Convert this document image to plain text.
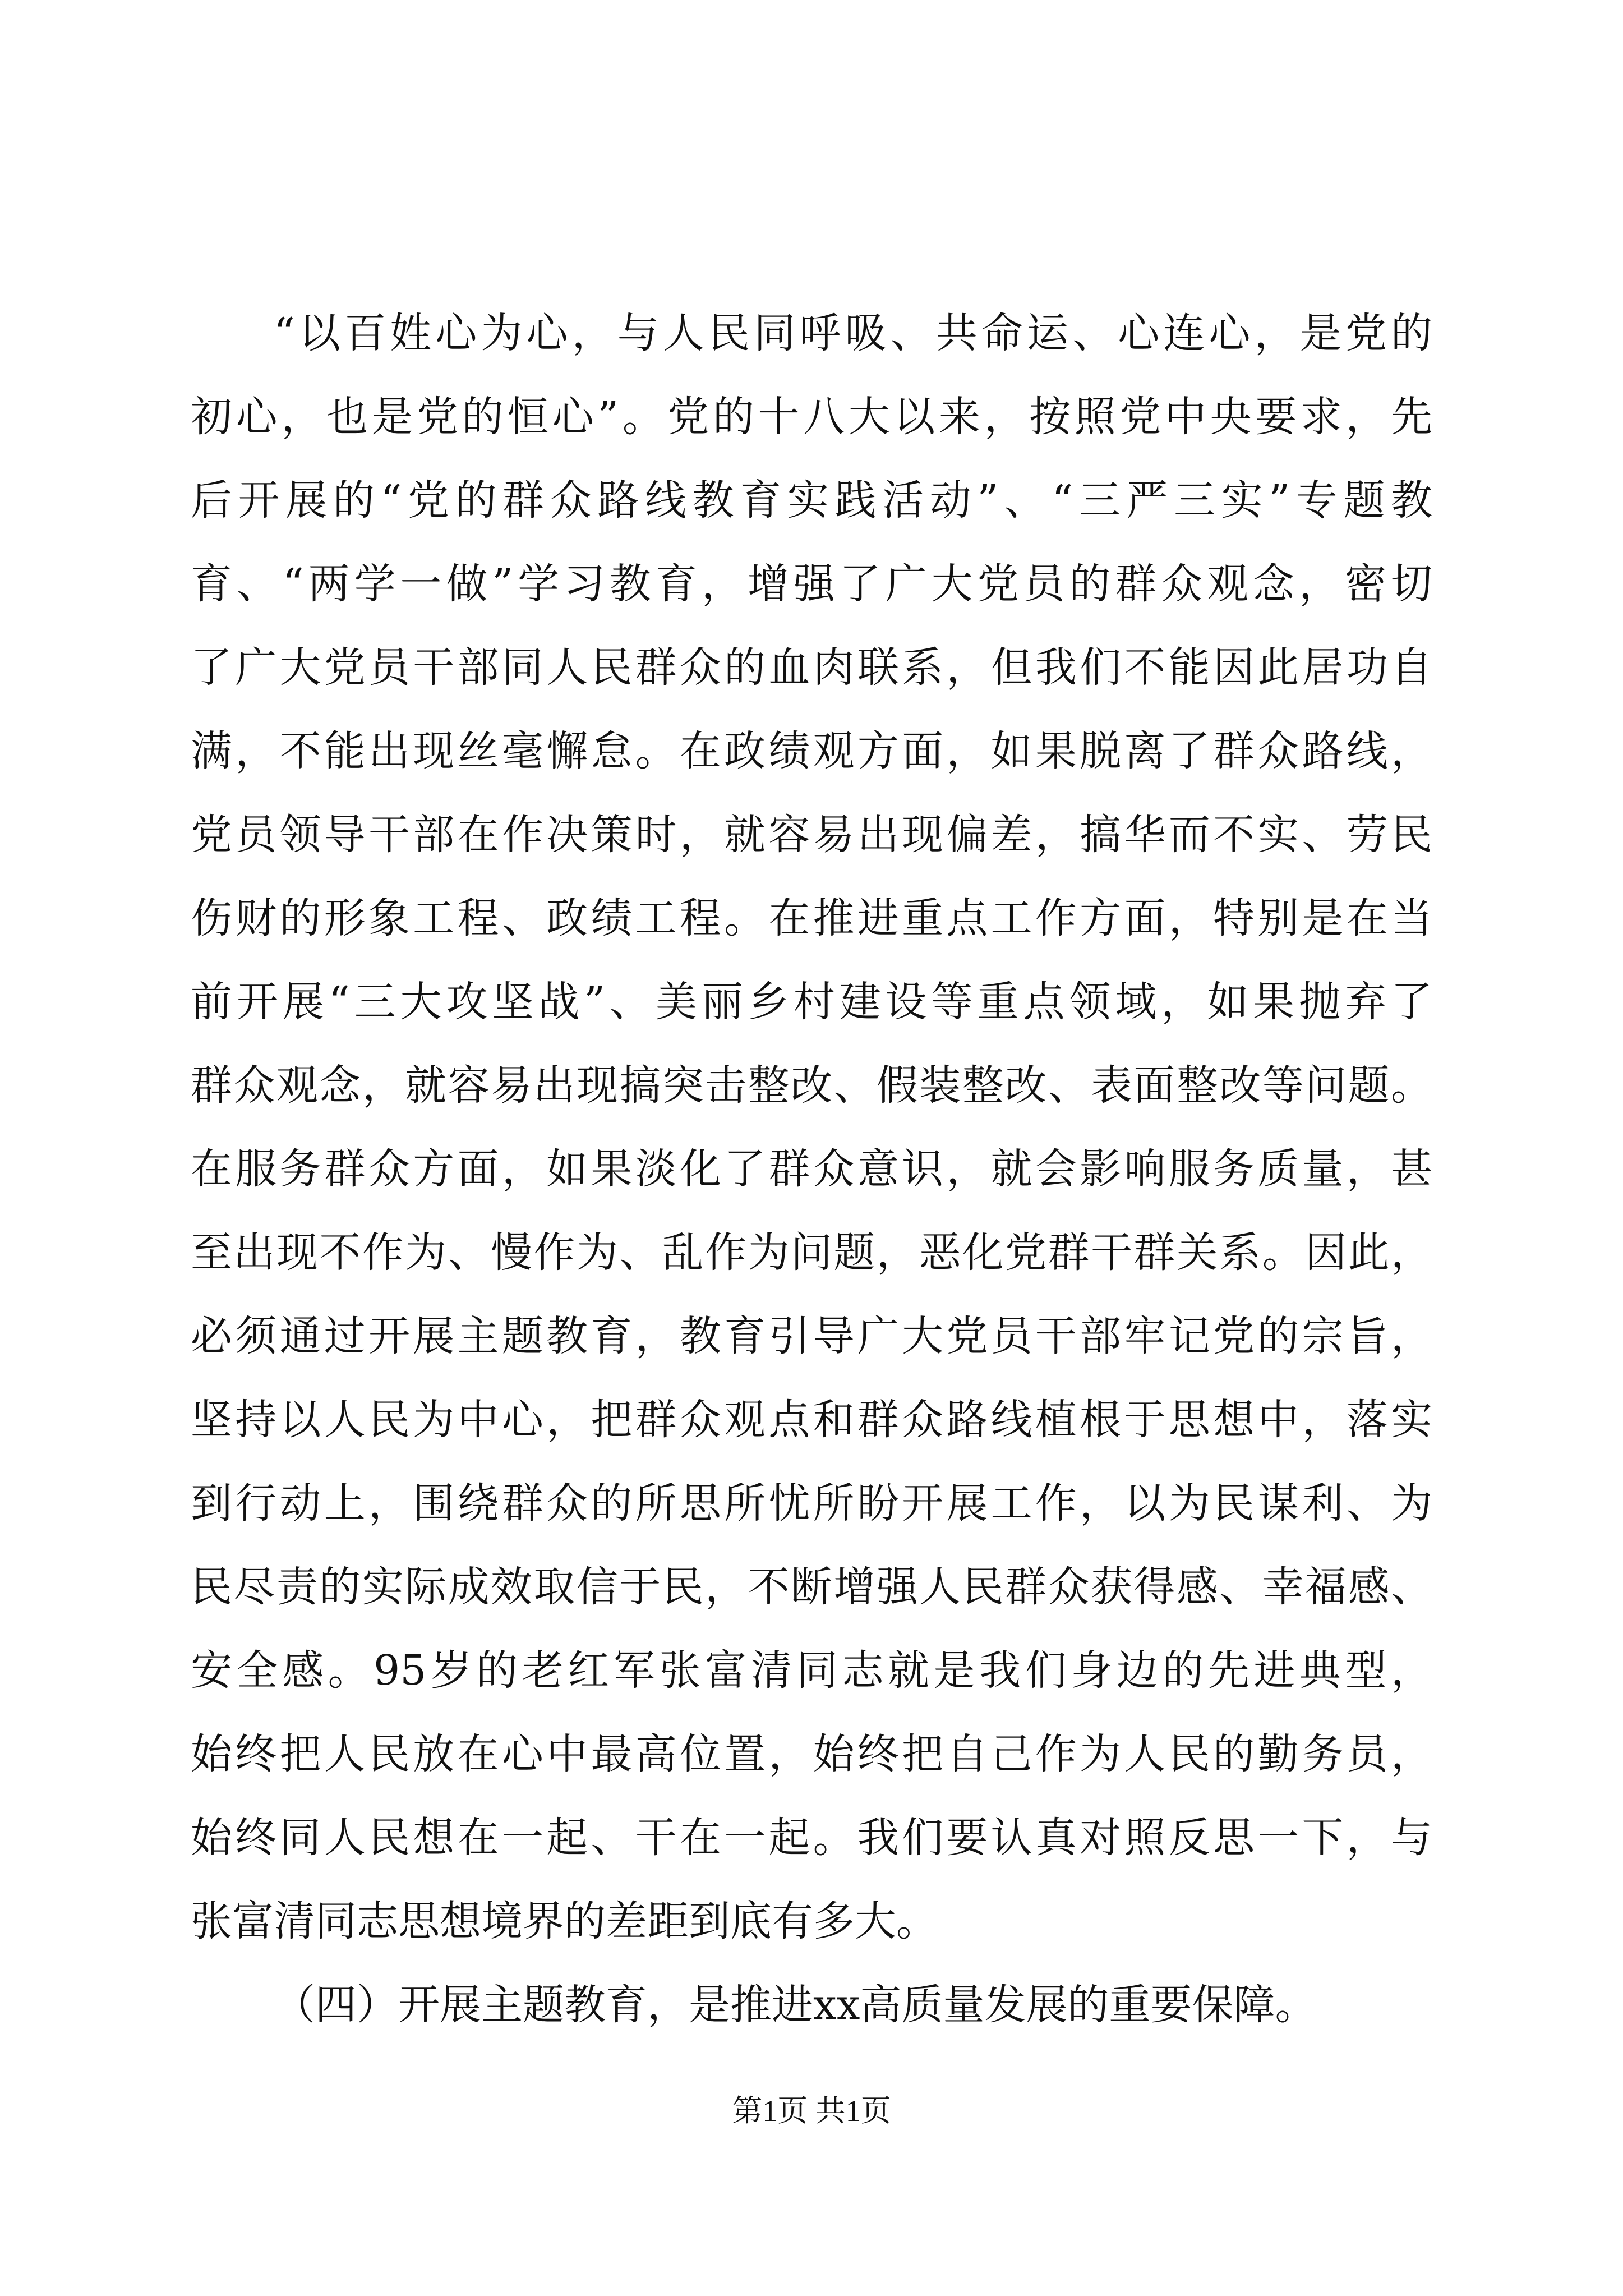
“以百姓心为心，与人民同呼吸、共命运、心连心，是党的
初心，也是党的恒心”。党的十八大以来，按照党中央要求，先
后开展的“党的群众路线教育实践活动”、“三严三实”专题教
育、“两学一做”学习教育，增强了广大党员的群众观念，密切
了广大党员干部同人民群众的血肉联系，但我们不能因此居功自
满，不能出现丝毫懈怠。在政绩观方面，如果脱离了群众路线，
党员领导干部在作决策时，就容易出现偏差，搞华而不实、劳民
伤财的形象工程、政绩工程。在推进重点工作方面，特别是在当
前开展“三大攻坚战”、美丽乡村建设等重点领域，如果抛弃了
群众观念，就容易出现搞突击整改、假装整改、表面整改等问题。
在服务群众方面，如果淡化了群众意识，就会影响服务质量，甚
至出现不作为、慢作为、乱作为问题，恶化党群干群关系。因此，
必须通过开展主题教育，教育引导广大党员干部牢记党的宗旨，
坚持以人民为中心，把群众观点和群众路线植根于思想中，落实
到行动上，围绕群众的所思所忧所盼开展工作，以为民谋利、为
民尽责的实际成效取信于民，不断增强人民群众获得感、幸福感、
安全感。95岁的老红军张富清同志就是我们身边的先进典型，
始终把人民放在心中最高位置，始终把自己作为人民的勤务员，
始终同人民想在一起、干在一起。我们要认真对照反思一下，与
张富清同志思想境界的差距到底有多大。
（四）开展主题教育，是推进xx高质量发展的重要保障。
第1页 共1页
